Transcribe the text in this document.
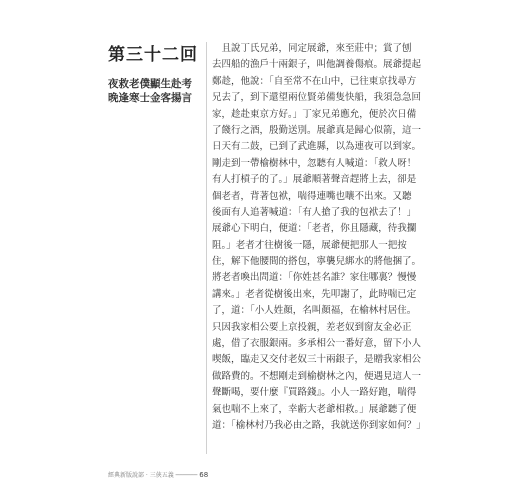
第三十二回
夜救老僕顯生赴考
晚逢寒士金客揚言
　且說丁氏兄弟，同定展爺，來至莊中；賞了刨
去四船的漁戶十兩銀子，叫他調養傷痕。展爺提起
鄭趁，他說：「自至常不在山中，已往東京找尋方
兄去了，到下還望兩位賢弟備隻快船，我須急急回
家，趁赴東京方好。」丁家兄弟應允，便於次日備
了餞行之酒，殷勤送別。展爺真是歸心似箭，這一
日天有二鼓，已到了武進縣，以為連夜可以到家。
剛走到一帶榆樹林中，忽聽有人喊道：「救人呀！
有人打槓子的了。」展爺順著聲音趕將上去，卻是
個老者，背著包袱，喘得連嘴也嚷不出來。又聽
後面有人追著喊道：「有人搶了我的包袱去了！」
展爺心下明白，便道：「老者，你且隱藏，待我攔
阻。」老者才往樹後一隱，展爺便把那人一把按
住，解下他腰間的搭包，寧襲兒綁水的將他捆了。
將老者喚出問道：「你姓甚名誰？家住哪裏？慢慢
講來。」老者從樹後出來，先叩謝了，此時喘已定
了，道：「小人姓顏，名叫顏福，在榆林村居住。
只因我家相公要上京投親，差老奴到窗友金必正
處，借了衣服銀兩。多承相公一番好意，留下小人
喫飯，臨走又交付老奴三十兩銀子，是贈我家相公
做路費的。不想剛走到榆樹林之內，便遇見這人一
聲斷喝，要什麼『買路錢』。小人一路好跑，喘得
氣也喘不上來了，幸虧大老爺相救。」展爺聽了便
道：「榆林村乃我必由之路，我就送你到家如何？」
經典新版說部 · 三俠五義 ────── 68
